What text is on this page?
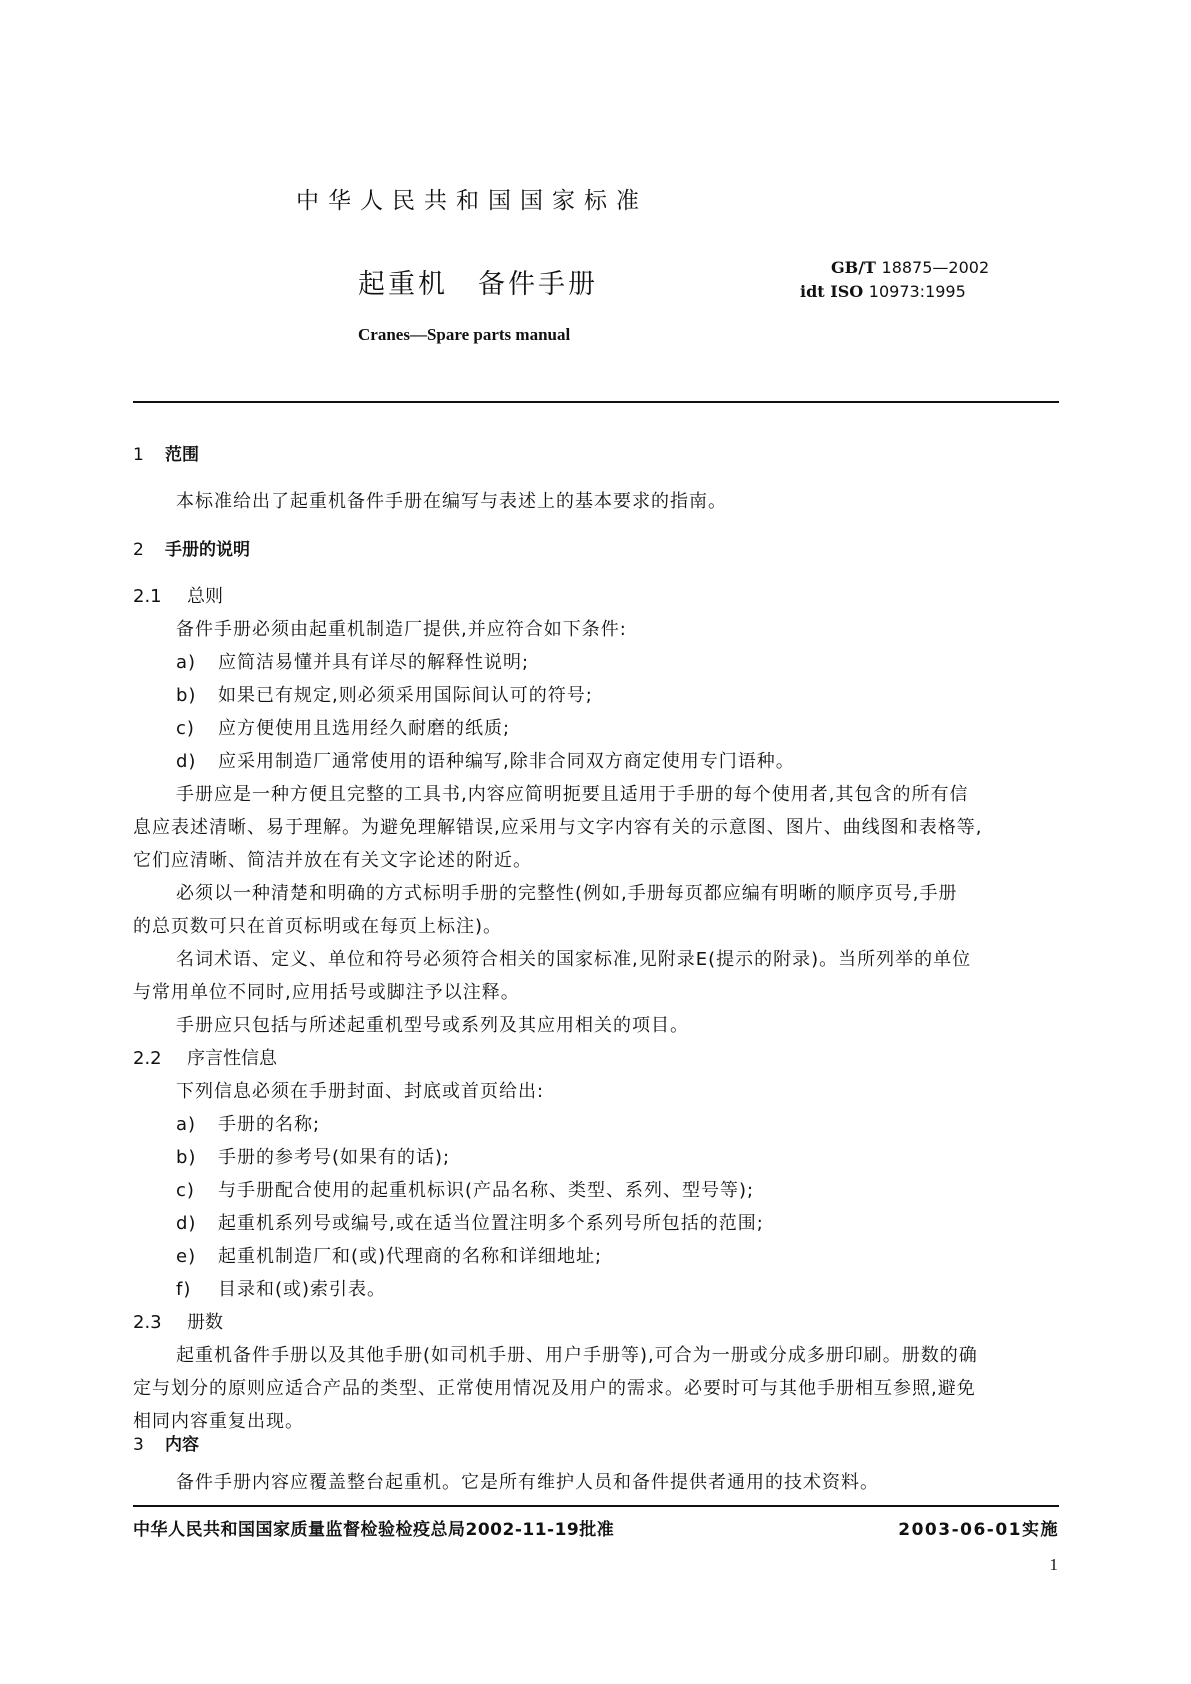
中华人民共和国国家标准
起重机 备件手册
GB/T 18875—2002
idt ISO 10973:1995
Cranes—Spare parts manual
1 范围
本标准给出了起重机备件手册在编写与表述上的基本要求的指南。
2 手册的说明
2.1 总则
备件手册必须由起重机制造厂提供,并应符合如下条件:
a) 应简洁易懂并具有详尽的解释性说明;
b) 如果已有规定,则必须采用国际间认可的符号;
c) 应方便使用且选用经久耐磨的纸质;
d) 应采用制造厂通常使用的语种编写,除非合同双方商定使用专门语种。
手册应是一种方便且完整的工具书,内容应简明扼要且适用于手册的每个使用者,其包含的所有信
息应表述清晰、易于理解。为避免理解错误,应采用与文字内容有关的示意图、图片、曲线图和表格等,
它们应清晰、简洁并放在有关文字论述的附近。
必须以一种清楚和明确的方式标明手册的完整性(例如,手册每页都应编有明晰的顺序页号,手册
的总页数可只在首页标明或在每页上标注)。
名词术语、定义、单位和符号必须符合相关的国家标准,见附录E(提示的附录)。当所列举的单位
与常用单位不同时,应用括号或脚注予以注释。
手册应只包括与所述起重机型号或系列及其应用相关的项目。
2.2 序言性信息
下列信息必须在手册封面、封底或首页给出:
a) 手册的名称;
b) 手册的参考号(如果有的话);
c) 与手册配合使用的起重机标识(产品名称、类型、系列、型号等);
d) 起重机系列号或编号,或在适当位置注明多个系列号所包括的范围;
e) 起重机制造厂和(或)代理商的名称和详细地址;
f) 目录和(或)索引表。
2.3 册数
起重机备件手册以及其他手册(如司机手册、用户手册等),可合为一册或分成多册印刷。册数的确
定与划分的原则应适合产品的类型、正常使用情况及用户的需求。必要时可与其他手册相互参照,避免
相同内容重复出现。
3 内容
备件手册内容应覆盖整台起重机。它是所有维护人员和备件提供者通用的技术资料。
中华人民共和国国家质量监督检验检疫总局2002-11-19批准	2003-06-01实施
1
